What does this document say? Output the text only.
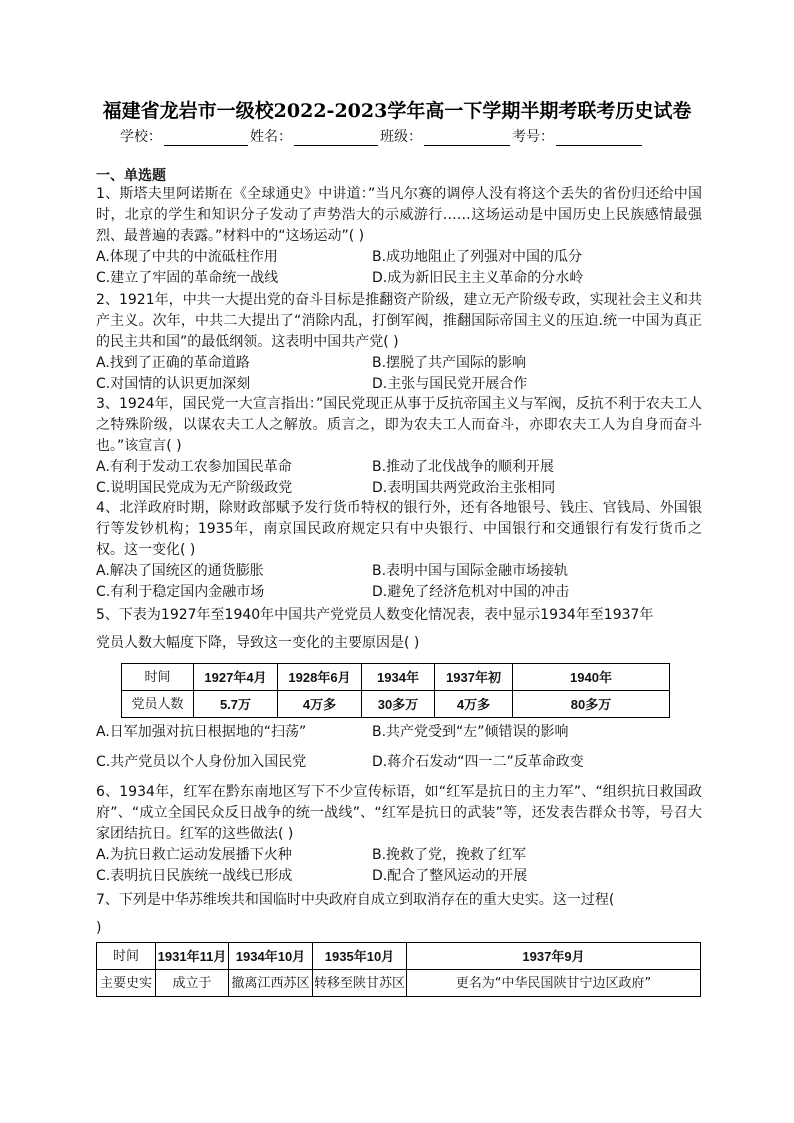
福建省龙岩市一级校2022-2023学年高一下学期半期考联考历史试卷
学校：	姓名：	班级：	考号：
一、单选题

1、斯塔夫里阿诺斯在《全球通史》中讲道：”当凡尔赛的调停人没有将这个丢失的省份归还给中国时，北京的学生和知识分子发动了声势浩大的示威游行……这场运动是中国历史上民族感情最强烈、最普遍的表露。”材料中的“这场运动”( )

A.体现了中共的中流砥柱作用	B.成功地阻止了列强对中国的瓜分
C.建立了牢固的革命统一战线	D.成为新旧民主主义革命的分水岭

2、1921年，中共一大提出党的奋斗目标是推翻资产阶级，建立无产阶级专政，实现社会主义和共产主义。次年，中共二大提出了“消除内乱，打倒军阀，推翻国际帝国主义的压迫.统一中国为真正的民主共和国”的最低纲领。这表明中国共产党( )

A.找到了正确的革命道路	B.摆脱了共产国际的影响
C.对国情的认识更加深刻	D.主张与国民党开展合作

3、1924年，国民党一大宣言指出：”国民党现正从事于反抗帝国主义与军阀，反抗不利于农夫工人之特殊阶级，以谋农夫工人之解放。质言之，即为农夫工人而奋斗，亦即农夫工人为自身而奋斗也。”该宣言( )

A.有利于发动工农参加国民革命	B.推动了北伐战争的顺利开展
C.说明国民党成为无产阶级政党	D.表明国共两党政治主张相同

4、北洋政府时期，除财政部赋予发行货币特权的银行外，还有各地银号、钱庄、官钱局、外国银行等发钞机构；1935年，南京国民政府规定只有中央银行、中国银行和交通银行有发行货币之权。这一变化( )

A.解决了国统区的通货膨胀	B.表明中国与国际金融市场接轨
C.有利于稳定国内金融市场	D.避免了经济危机对中国的冲击

5、下表为1927年至1940年中国共产党党员人数变化情况表，表中显示1934年至1937年

党员人数大幅度下降，导致这一变化的主要原因是( )

时间	1927年4月	1928年6月	1934年	1937年初	1940年
党员人数	5.7万	4万多	30多万	4万多	80多万
A.日军加强对抗日根据地的“扫荡”	B.共产党受到“左”倾错误的影响
C.共产党员以个人身份加入国民党	D.蒋介石发动“四一二”反革命政变

6、1934年，红军在黔东南地区写下不少宣传标语，如“红军是抗日的主力军”、“组织抗日救国政府”、“成立全国民众反日战争的统一战线”、“红军是抗日的武装”等，还发表告群众书等，号召大家团结抗日。红军的这些做法( )

A.为抗日救亡运动发展播下火种	B.挽救了党，挽救了红军
C.表明抗日民族统一战线已形成	D.配合了整风运动的开展

7、下列是中华苏维埃共和国临时中央政府自成立到取消存在的重大史实。这一过程(

)

时间	1931年11月	1934年10月	1935年10月	1937年9月
主要史实	成立于	撤离江西苏区	转移至陕甘苏区	更名为“中华民国陕甘宁边区政府”
